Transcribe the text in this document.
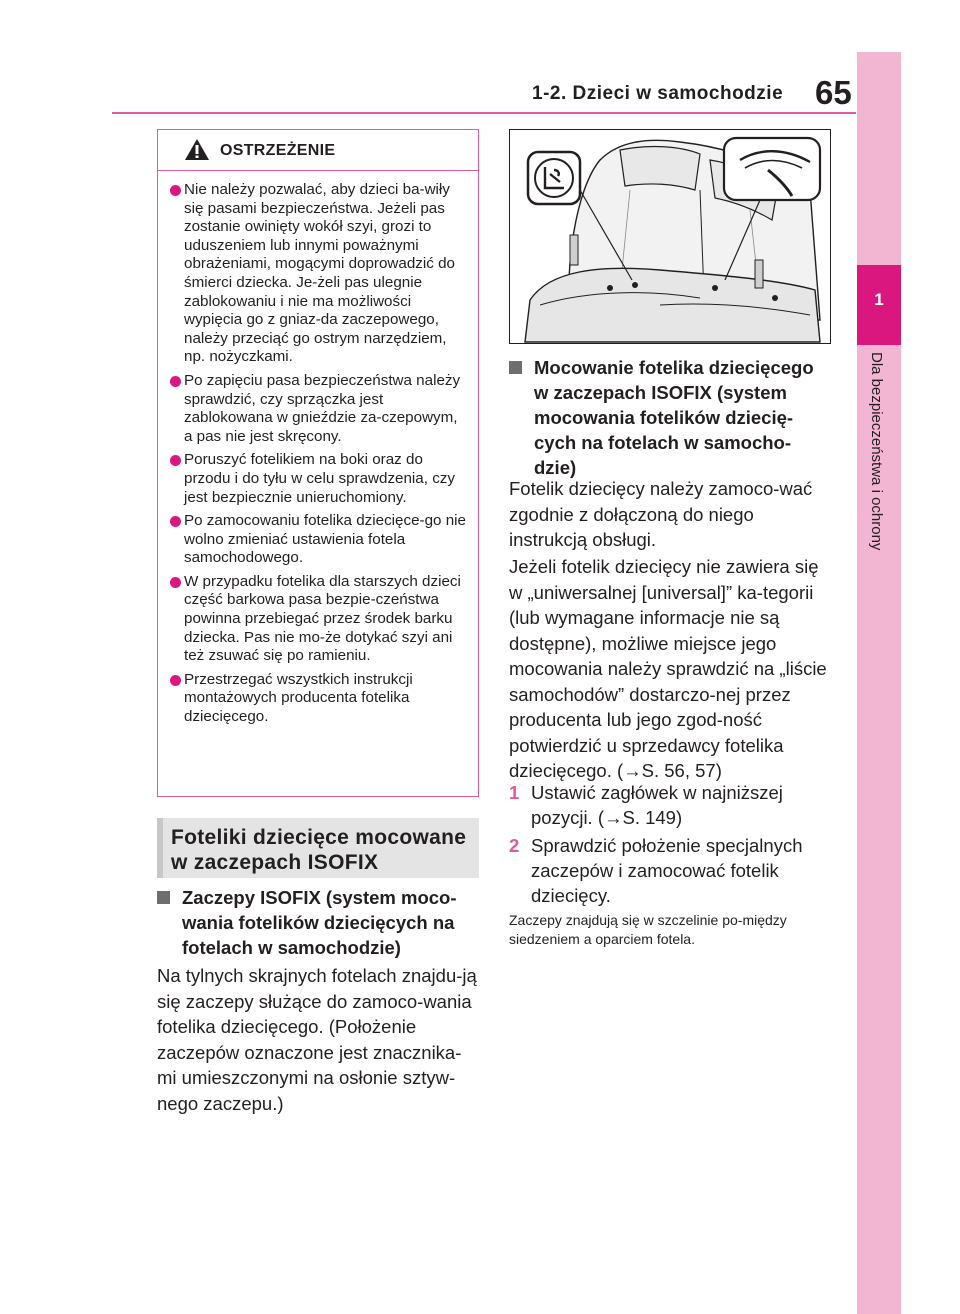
1-2. Dzieci w samochodzie 65
1
Dla bezpieczeństwa i ochrony
OSTRZEŻENIE
Nie należy pozwalać, aby dzieci ba-wiły się pasami bezpieczeństwa. Jeżeli pas zostanie owinięty wokół szyi, grozi to uduszeniem lub innymi poważnymi obrażeniami, mogącymi doprowadzić do śmierci dziecka. Je-żeli pas ulegnie zablokowaniu i nie ma możliwości wypięcia go z gniaz-da zaczepowego, należy przeciąć go ostrym narzędziem, np. nożyczkami.
Po zapięciu pasa bezpieczeństwa należy sprawdzić, czy sprzączka jest zablokowana w gnieździe za-czepowym, a pas nie jest skręcony.
Poruszyć fotelikiem na boki oraz do przodu i do tyłu w celu sprawdzenia, czy jest bezpiecznie unieruchomiony.
Po zamocowaniu fotelika dziecięce-go nie wolno zmieniać ustawienia fotela samochodowego.
W przypadku fotelika dla starszych dzieci część barkowa pasa bezpie-czeństwa powinna przebiegać przez środek barku dziecka. Pas nie mo-że dotykać szyi ani też zsuwać się po ramieniu.
Przestrzegać wszystkich instrukcji montażowych producenta fotelika dziecięcego.
Foteliki dziecięce mocowane w zaczepach ISOFIX
Zaczepy ISOFIX (system moco-wania fotelików dziecięcych na fotelach w samochodzie)
Na tylnych skrajnych fotelach znajdu-ją się zaczepy służące do zamoco-wania fotelika dziecięcego. (Położenie zaczepów oznaczone jest znacznika-mi umieszczonymi na osłonie sztyw-nego zaczepu.)
Mocowanie fotelika dziecięcego w zaczepach ISOFIX (system mocowania fotelików dziecię-cych na fotelach w samocho-dzie)
Fotelik dziecięcy należy zamoco-wać zgodnie z dołączoną do niego instrukcją obsługi.
Jeżeli fotelik dziecięcy nie zawiera się w „uniwersalnej [universal]” ka-tegorii (lub wymagane informacje nie są dostępne), możliwe miejsce jego mocowania należy sprawdzić na „liście samochodów” dostarczo-nej przez producenta lub jego zgod-ność potwierdzić u sprzedawcy fotelika dziecięcego. (→S. 56, 57)
1 Ustawić zagłówek w najniższej pozycji. (→S. 149)
2 Sprawdzić położenie specjalnych zaczepów i zamocować fotelik dziecięcy.
Zaczepy znajdują się w szczelinie po-między siedzeniem a oparciem fotela.
